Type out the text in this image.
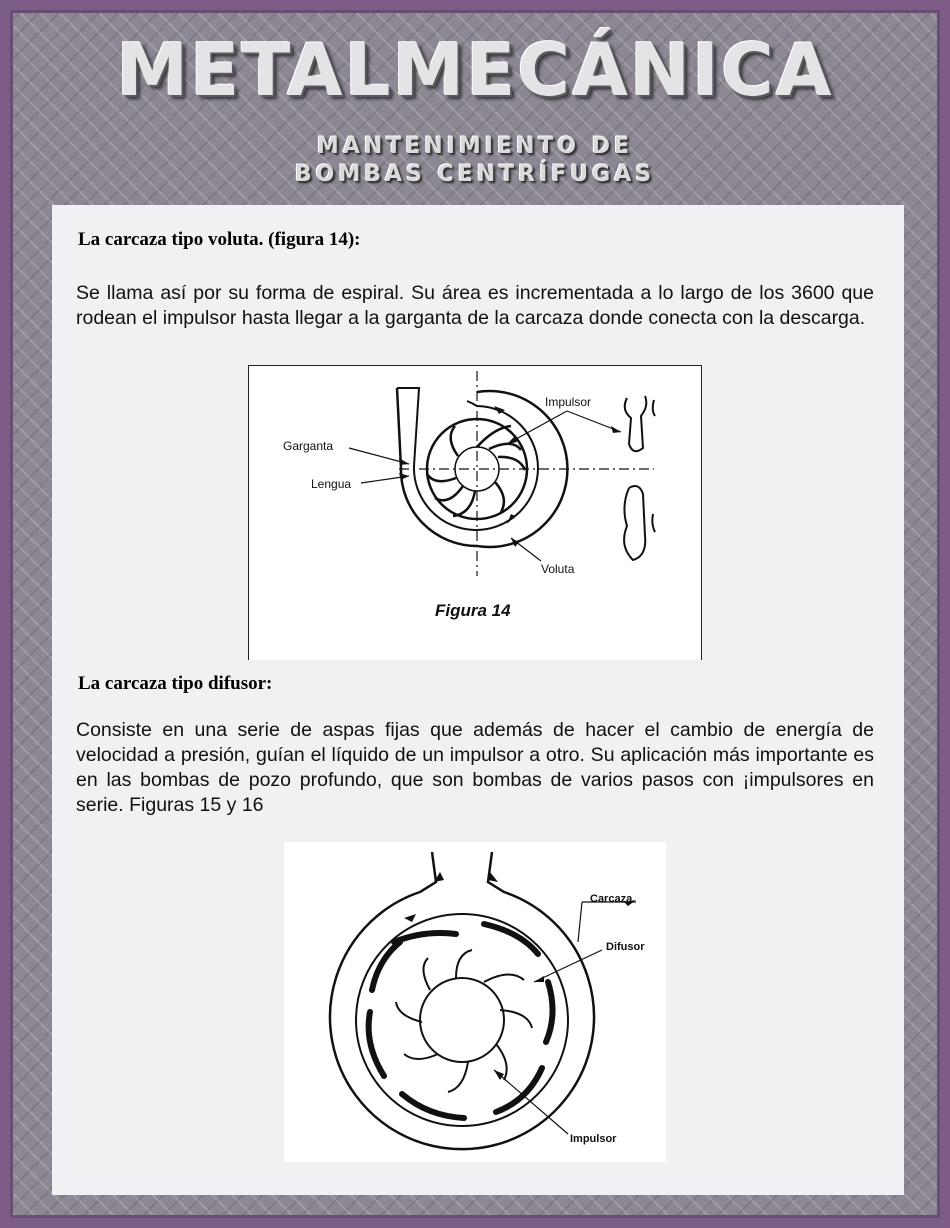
METALMECÁNICA
MANTENIMIENTO DE
BOMBAS CENTRÍFUGAS
La carcaza tipo voluta. (figura 14):

Se llama así por su forma de espiral. Su área es incrementada a lo largo de los 3600 que rodean el impulsor hasta llegar a la garganta de la carcaza donde conecta con la descarga.

Impulsor
Garganta
Lengua
Voluta
Figura 14
La carcaza tipo difusor:

Consiste en una serie de aspas fijas que además de hacer el cambio de energía de velocidad a presión, guían el líquido de un impulsor a otro. Su aplicación más importante es en las bombas de pozo profundo, que son bombas de varios pasos con ¡impulsores en serie. Figuras 15 y 16

Carcaza
Difusor
Impulsor
